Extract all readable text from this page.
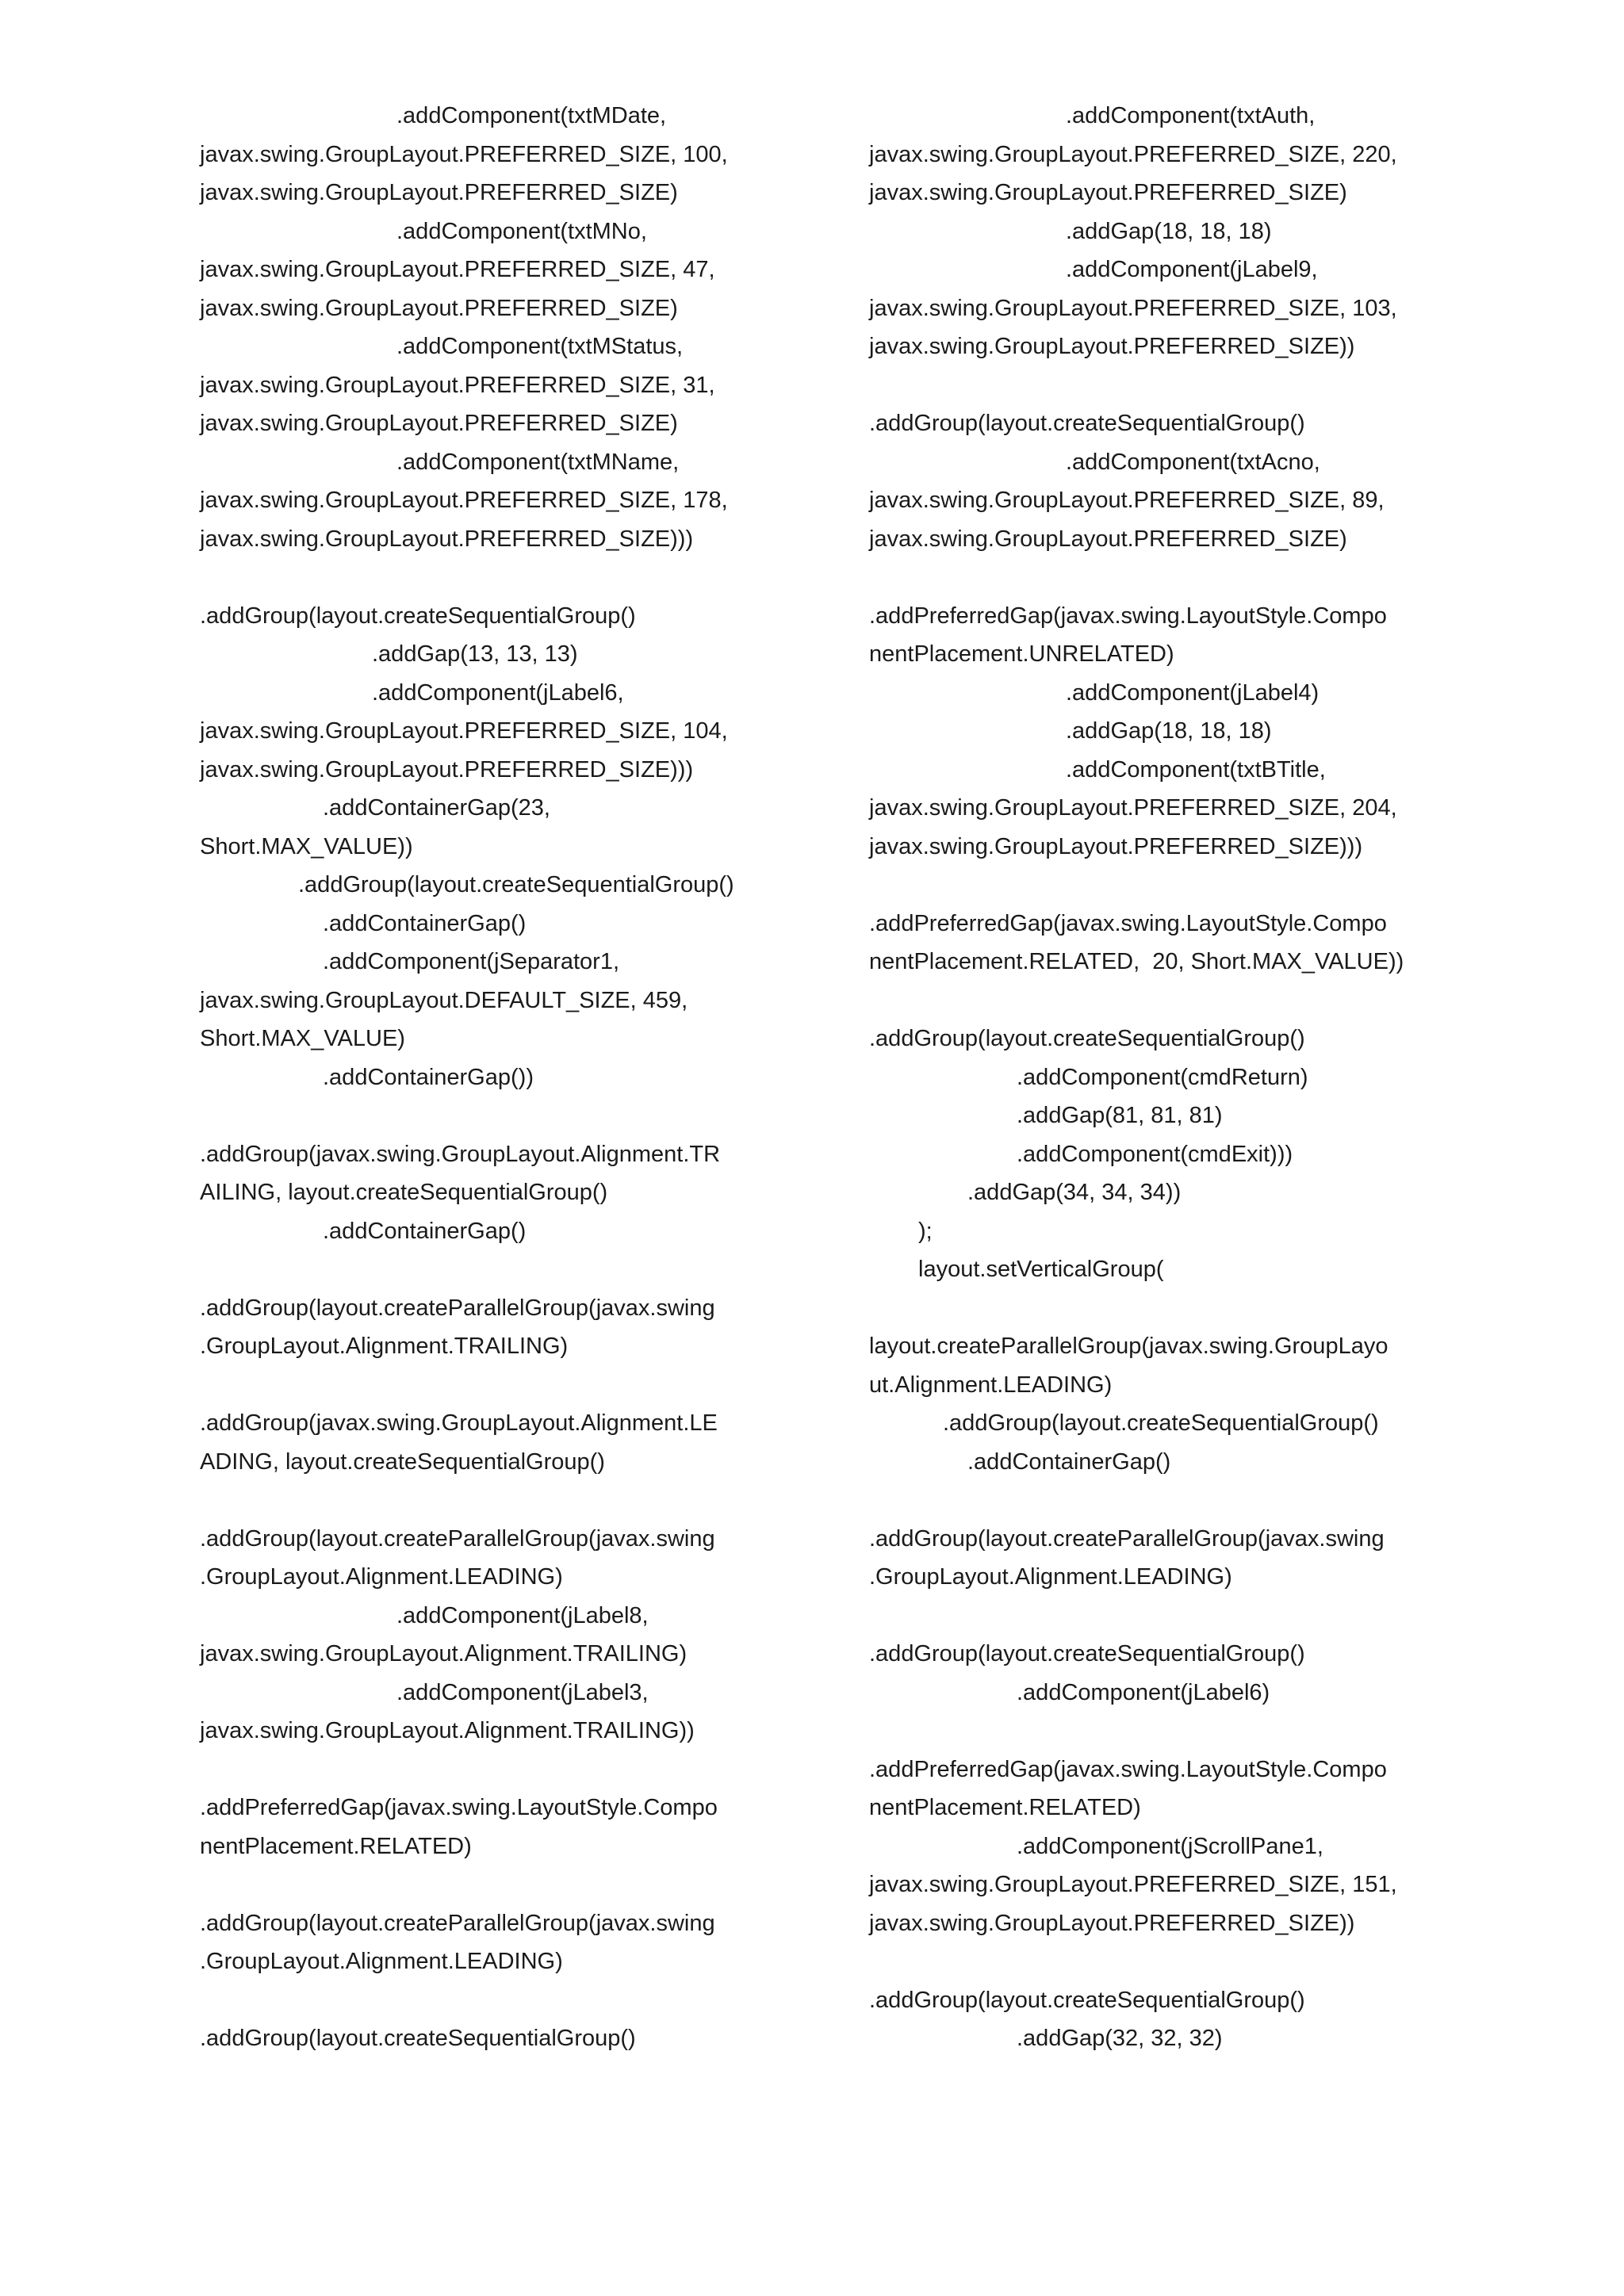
.addComponent(txtMDate,
javax.swing.GroupLayout.PREFERRED_SIZE, 100,
javax.swing.GroupLayout.PREFERRED_SIZE)
.addComponent(txtMNo,
javax.swing.GroupLayout.PREFERRED_SIZE, 47,
javax.swing.GroupLayout.PREFERRED_SIZE)
.addComponent(txtMStatus,
javax.swing.GroupLayout.PREFERRED_SIZE, 31,
javax.swing.GroupLayout.PREFERRED_SIZE)
.addComponent(txtMName,
javax.swing.GroupLayout.PREFERRED_SIZE, 178,
javax.swing.GroupLayout.PREFERRED_SIZE)))
.addGroup(layout.createSequentialGroup()
.addGap(13, 13, 13)
.addComponent(jLabel6,
javax.swing.GroupLayout.PREFERRED_SIZE, 104,
javax.swing.GroupLayout.PREFERRED_SIZE)))
.addContainerGap(23,
Short.MAX_VALUE))
.addGroup(layout.createSequentialGroup()
.addContainerGap()
.addComponent(jSeparator1,
javax.swing.GroupLayout.DEFAULT_SIZE, 459,
Short.MAX_VALUE)
.addContainerGap())
.addGroup(javax.swing.GroupLayout.Alignment.TR
AILING, layout.createSequentialGroup()
.addContainerGap()
.addGroup(layout.createParallelGroup(javax.swing
.GroupLayout.Alignment.TRAILING)
.addGroup(javax.swing.GroupLayout.Alignment.LE
ADING, layout.createSequentialGroup()
.addGroup(layout.createParallelGroup(javax.swing
.GroupLayout.Alignment.LEADING)
.addComponent(jLabel8,
javax.swing.GroupLayout.Alignment.TRAILING)
.addComponent(jLabel3,
javax.swing.GroupLayout.Alignment.TRAILING))
.addPreferredGap(javax.swing.LayoutStyle.Compo
nentPlacement.RELATED)
.addGroup(layout.createParallelGroup(javax.swing
.GroupLayout.Alignment.LEADING)
.addGroup(layout.createSequentialGroup()
.addComponent(txtAuth,
javax.swing.GroupLayout.PREFERRED_SIZE, 220,
javax.swing.GroupLayout.PREFERRED_SIZE)
.addGap(18, 18, 18)
.addComponent(jLabel9,
javax.swing.GroupLayout.PREFERRED_SIZE, 103,
javax.swing.GroupLayout.PREFERRED_SIZE))
.addGroup(layout.createSequentialGroup()
.addComponent(txtAcno,
javax.swing.GroupLayout.PREFERRED_SIZE, 89,
javax.swing.GroupLayout.PREFERRED_SIZE)
.addPreferredGap(javax.swing.LayoutStyle.Compo
nentPlacement.UNRELATED)
.addComponent(jLabel4)
.addGap(18, 18, 18)
.addComponent(txtBTitle,
javax.swing.GroupLayout.PREFERRED_SIZE, 204,
javax.swing.GroupLayout.PREFERRED_SIZE)))
.addPreferredGap(javax.swing.LayoutStyle.Compo
nentPlacement.RELATED,  20, Short.MAX_VALUE))
.addGroup(layout.createSequentialGroup()
.addComponent(cmdReturn)
.addGap(81, 81, 81)
.addComponent(cmdExit)))
.addGap(34, 34, 34))
);
layout.setVerticalGroup(
layout.createParallelGroup(javax.swing.GroupLayo
ut.Alignment.LEADING)
.addGroup(layout.createSequentialGroup()
.addContainerGap()
.addGroup(layout.createParallelGroup(javax.swing
.GroupLayout.Alignment.LEADING)
.addGroup(layout.createSequentialGroup()
.addComponent(jLabel6)
.addPreferredGap(javax.swing.LayoutStyle.Compo
nentPlacement.RELATED)
.addComponent(jScrollPane1,
javax.swing.GroupLayout.PREFERRED_SIZE, 151,
javax.swing.GroupLayout.PREFERRED_SIZE))
.addGroup(layout.createSequentialGroup()
.addGap(32, 32, 32)
